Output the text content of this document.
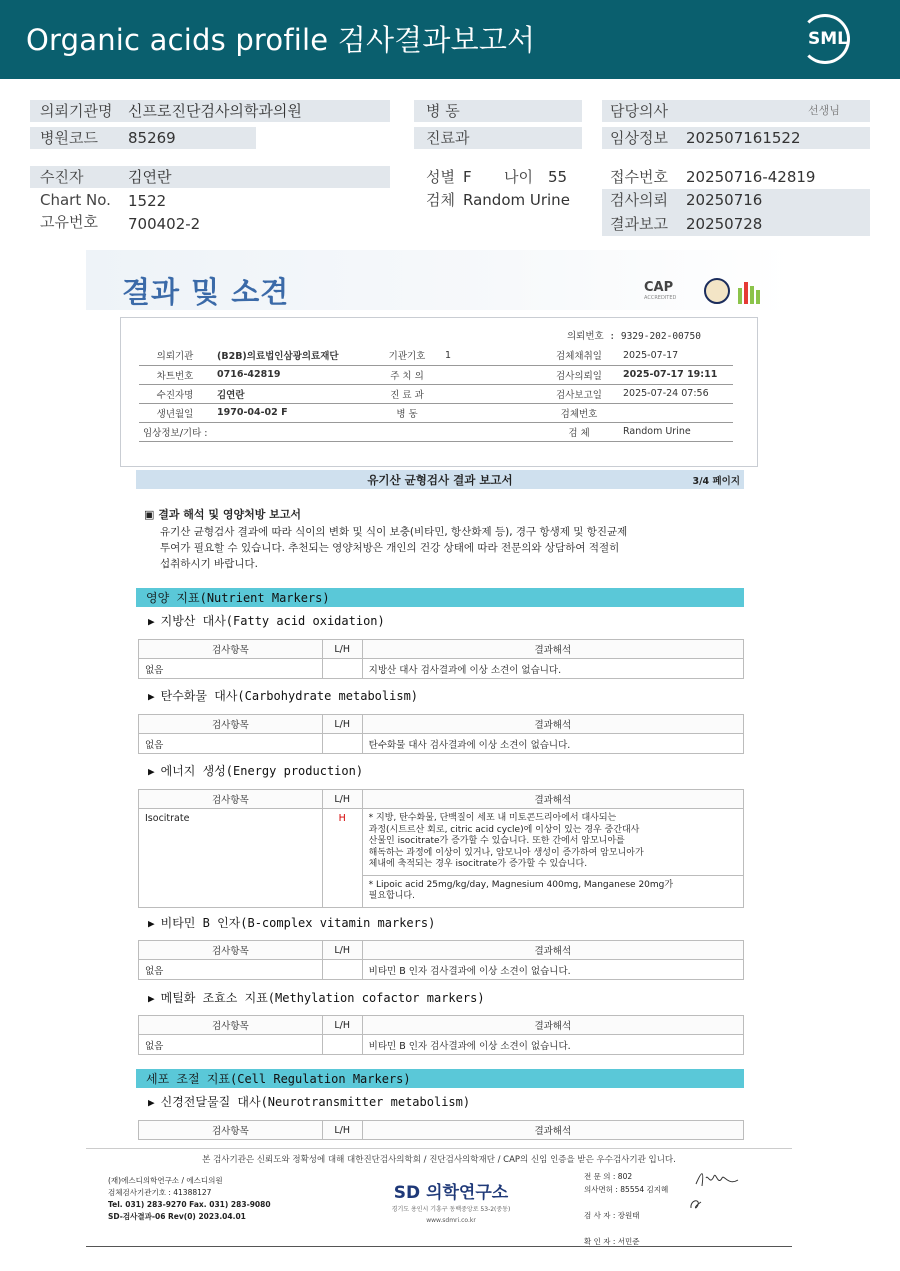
Organic acids profile 검사결과보고서	SML
의뢰기관명 신프로진단검사의학과의원
병원코드 85269
병 동
진료과
담당의사	선생님
임상정보 202507161522
수진자	김연란
Chart No. 1522
고유번호 700402-2
성별 F 나이 55
검체 Random Urine
접수번호 20250716-42819
검사의뢰 20250716
결과보고 20250728
결과 및 소견	CAP
ACCREDITED
의뢰번호 : 9329-202-00750
의뢰기관	(B2B)의료법인삼광의료재단	기관기호	1	검체채취일	2025-07-17
차트번호	0716-42819	주 치 의		검사의뢰일	2025-07-17 19:11
수진자명	김연란	진 료 과		검사보고일	2025-07-24 07:56
생년월일	1970-04-02 F	병 동		검체번호	
임상정보/기타 :				검 체	Random Urine
유기산 균형검사 결과 보고서	3/4 페이지
▣ 결과 해석 및 영양처방 보고서
유기산 균형검사 결과에 따라 식이의 변화 및 식이 보충(비타민, 항산화제 등), 경구 항생제 및 항진균제
투여가 필요할 수 있습니다. 추천되는 영양처방은 개인의 건강 상태에 따라 전문의와 상담하여 적절히
섭취하시기 바랍니다.
영양 지표(Nutrient Markers)
▶ 지방산 대사(Fatty acid oxidation)
검사항목	L/H	결과해석
없음		지방산 대사 검사결과에 이상 소견이 없습니다.
▶ 탄수화물 대사(Carbohydrate metabolism)
검사항목	L/H	결과해석
없음		탄수화물 대사 검사결과에 이상 소견이 없습니다.
▶ 에너지 생성(Energy production)
검사항목	L/H	결과해석
Isocitrate	H	* 지방, 탄수화물, 단백질이 세포 내 미토콘드리아에서 대사되는
과정(시트르산 회로, citric acid cycle)에 이상이 있는 경우 중간대사
산물인 isocitrate가 증가할 수 있습니다. 또한 간에서 암모니아를
해독하는 과정에 이상이 있거나, 암모니아 생성이 증가하여 암모니아가
체내에 축적되는 경우 isocitrate가 증가할 수 있습니다.

		* Lipoic acid 25mg/kg/day, Magnesium 400mg, Manganese 20mg가
필요합니다.
▶ 비타민 B 인자(B-complex vitamin markers)
검사항목	L/H	결과해석
없음		비타민 B 인자 검사결과에 이상 소견이 없습니다.
▶ 메틸화 조효소 지표(Methylation cofactor markers)
검사항목	L/H	결과해석
없음		비타민 B 인자 검사결과에 이상 소견이 없습니다.
세포 조절 지표(Cell Regulation Markers)
▶ 신경전달물질 대사(Neurotransmitter metabolism)
검사항목	L/H	결과해석
본 검사기관은 신뢰도와 정확성에 대해 대한진단검사의학회 / 진단검사의학재단 / CAP의 신임 인증을 받은 우수검사기관 입니다.
(재)에스디의학연구소 / 에스디의원
검체검사기관기호 : 41388127
Tel. 031) 283-9270 Fax. 031) 283-9080
SD-검사결과-06 Rev(0) 2023.04.01
SD 의학연구소
경기도 용인시 기흥구 동백중앙로 53-2(중동)
www.sdmri.co.kr
전 문 의 : 802
의사면허 : 85554 김지혜

검 사 자 : 장원태

확 인 자 : 서민준
